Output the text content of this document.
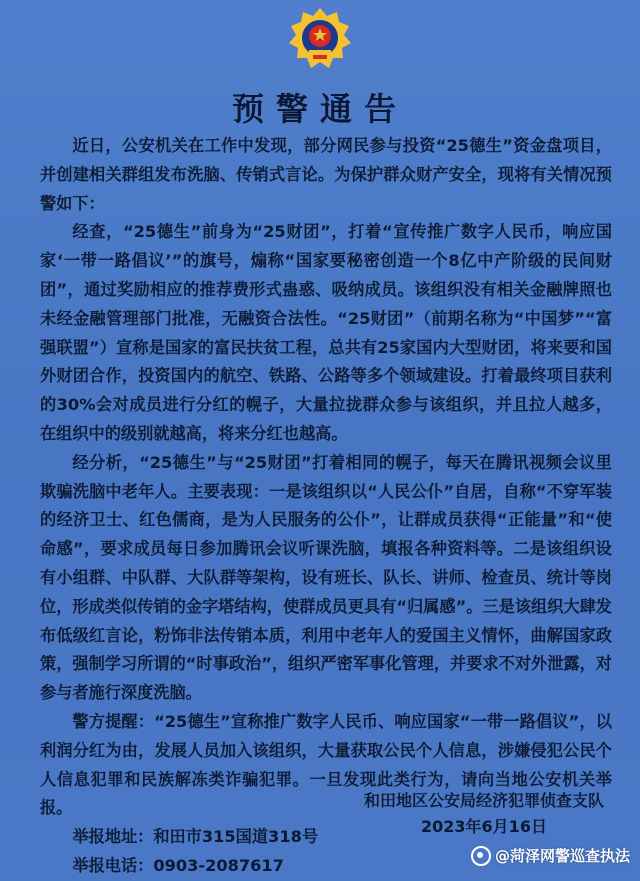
预警通告

近日，公安机关在工作中发现，部分网民参与投资“25德生”资金盘项目，并创建相关群组发布洗脑、传销式言论。为保护群众财产安全，现将有关情况预警如下：

经查，“25德生”前身为“25财团”，打着“宣传推广数字人民币，响应国家‘一带一路倡议’”的旗号，煽称“国家要秘密创造一个8亿中产阶级的民间财团”，通过奖励相应的推荐费形式蛊惑、吸纳成员。该组织没有相关金融牌照也未经金融管理部门批准，无融资合法性。“25财团”（前期名称为“中国梦”“富强联盟”）宣称是国家的富民扶贫工程，总共有25家国内大型财团，将来要和国外财团合作，投资国内的航空、铁路、公路等多个领域建设。打着最终项目获利的30%会对成员进行分红的幌子，大量拉拢群众参与该组织，并且拉人越多，在组织中的级别就越高，将来分红也越高。

经分析，“25德生”与“25财团”打着相同的幌子，每天在腾讯视频会议里欺骗洗脑中老年人。主要表现：一是该组织以“人民公仆”自居，自称“不穿军装的经济卫士、红色儒商，是为人民服务的公仆”，让群成员获得“正能量”和“使命感”，要求成员每日参加腾讯会议听课洗脑，填报各种资料等。二是该组织设有小组群、中队群、大队群等架构，设有班长、队长、讲师、检查员、统计等岗位，形成类似传销的金字塔结构，使群成员更具有“归属感”。三是该组织大肆发布低级红言论，粉饰非法传销本质，利用中老年人的爱国主义情怀，曲解国家政策，强制学习所谓的“时事政治”，组织严密军事化管理，并要求不对外泄露，对参与者施行深度洗脑。

警方提醒：“25德生”宣称推广数字人民币、响应国家“一带一路倡议”，以利润分红为由，发展人员加入该组织，大量获取公民个人信息，涉嫌侵犯公民个人信息犯罪和民族解冻类诈骗犯罪。一旦发现此类行为，请向当地公安机关举报。

举报地址：和田市315国道318号

举报电话：0903-2087617

和田地区公安局经济犯罪侦查支队
2023年6月16日
@菏泽网警巡查执法
